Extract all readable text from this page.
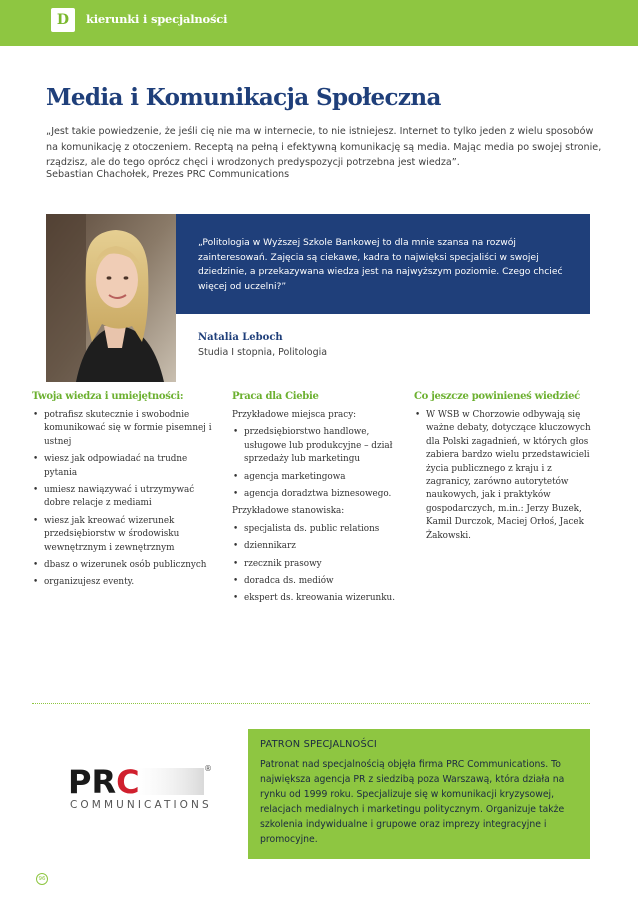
D	kierunki i specjalności
Media i Komunikacja Społeczna

„Jest takie powiedzenie, że jeśli cię nie ma w internecie, to nie istniejesz. Internet to tylko jeden z wielu sposobów na komunikację z otoczeniem. Receptą na pełną i efektywną komunikację są media. Mając media po swojej stronie, rządzisz, ale do tego oprócz chęci i wrodzonych predyspozycji potrzebna jest wiedza”.

Sebastian Chachołek, Prezes PRC Communications

„Politologia w Wyższej Szkole Bankowej to dla mnie szansa na rozwój zainteresowań. Zajęcia są ciekawe, kadra to najwięksi specjaliści w swojej dziedzinie, a przekazywana wiedza jest na najwyższym poziomie. Czego chcieć więcej od uczelni?”

Natalia Leboch
Studia I stopnia, Politologia
Twoja wiedza i umiejętności:
• potrafisz skutecznie i swobodnie komunikować się w formie pisemnej i ustnej
• wiesz jak odpowiadać na trudne pytania
• umiesz nawiązywać i utrzymywać dobre relacje z mediami
• wiesz jak kreować wizerunek przedsiębiorstw w środowisku wewnętrznym i zewnętrznym
• dbasz o wizerunek osób publicznych
• organizujesz eventy.
Praca dla Ciebie

Przykładowe miejsca pracy:

• przedsiębiorstwo handlowe, usługowe lub produkcyjne – dział sprzedaży lub marketingu
• agencja marketingowa
• agencja doradztwa biznesowego.

Przykładowe stanowiska:

• specjalista ds. public relations
• dziennikarz
• rzecznik prasowy
• doradca ds. mediów
• ekspert ds. kreowania wizerunku.
Co jeszcze powinieneś wiedzieć
• W WSB w Chorzowie odbywają się ważne debaty, dotyczące kluczowych dla Polski zagadnień, w których głos zabiera bardzo wielu przedstawicieli życia publicznego z kraju i z zagranicy, zarówno autorytetów naukowych, jak i praktyków gospodarczych, m.in.: Jerzy Buzek, Kamil Durczok, Maciej Orłoś, Jacek Żakowski.
PRC	®
COMMUNICATIONS
PATRON SPECJALNOŚCI

Patronat nad specjalnością objęła firma PRC Communications. To największa agencja PR z siedzibą poza Warszawą, która działa na rynku od 1999 roku. Specjalizuje się w komunikacji kryzysowej, relacjach medialnych i marketingu politycznym. Organizuje także szkolenia indywidualne i grupowe oraz imprezy integracyjne i promocyjne.

96
